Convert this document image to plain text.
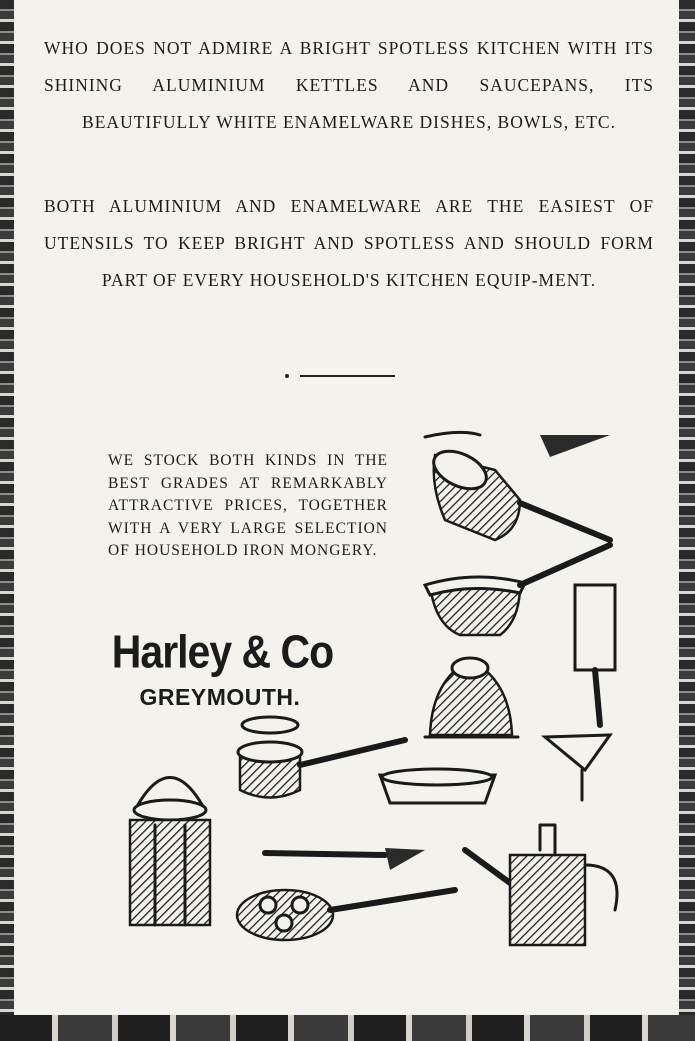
WHO DOES NOT ADMIRE A BRIGHT SPOTLESS KITCHEN WITH ITS SHINING ALUMINIUM KETTLES AND SAUCEPANS, ITS BEAUTIFULLY WHITE ENAMELWARE DISHES, BOWLS, ETC.
BOTH ALUMINIUM AND ENAMELWARE ARE THE EASIEST OF UTENSILS TO KEEP BRIGHT AND SPOTLESS AND SHOULD FORM PART OF EVERY HOUSEHOLD'S KITCHEN EQUIP-MENT.
WE STOCK BOTH KINDS IN THE BEST GRADES AT REMARKABLY ATTRACTIVE PRICES, TOGETHER WITH A VERY LARGE SELECTION OF HOUSEHOLD IRON MONGERY.
Harley & Co
GREYMOUTH.
